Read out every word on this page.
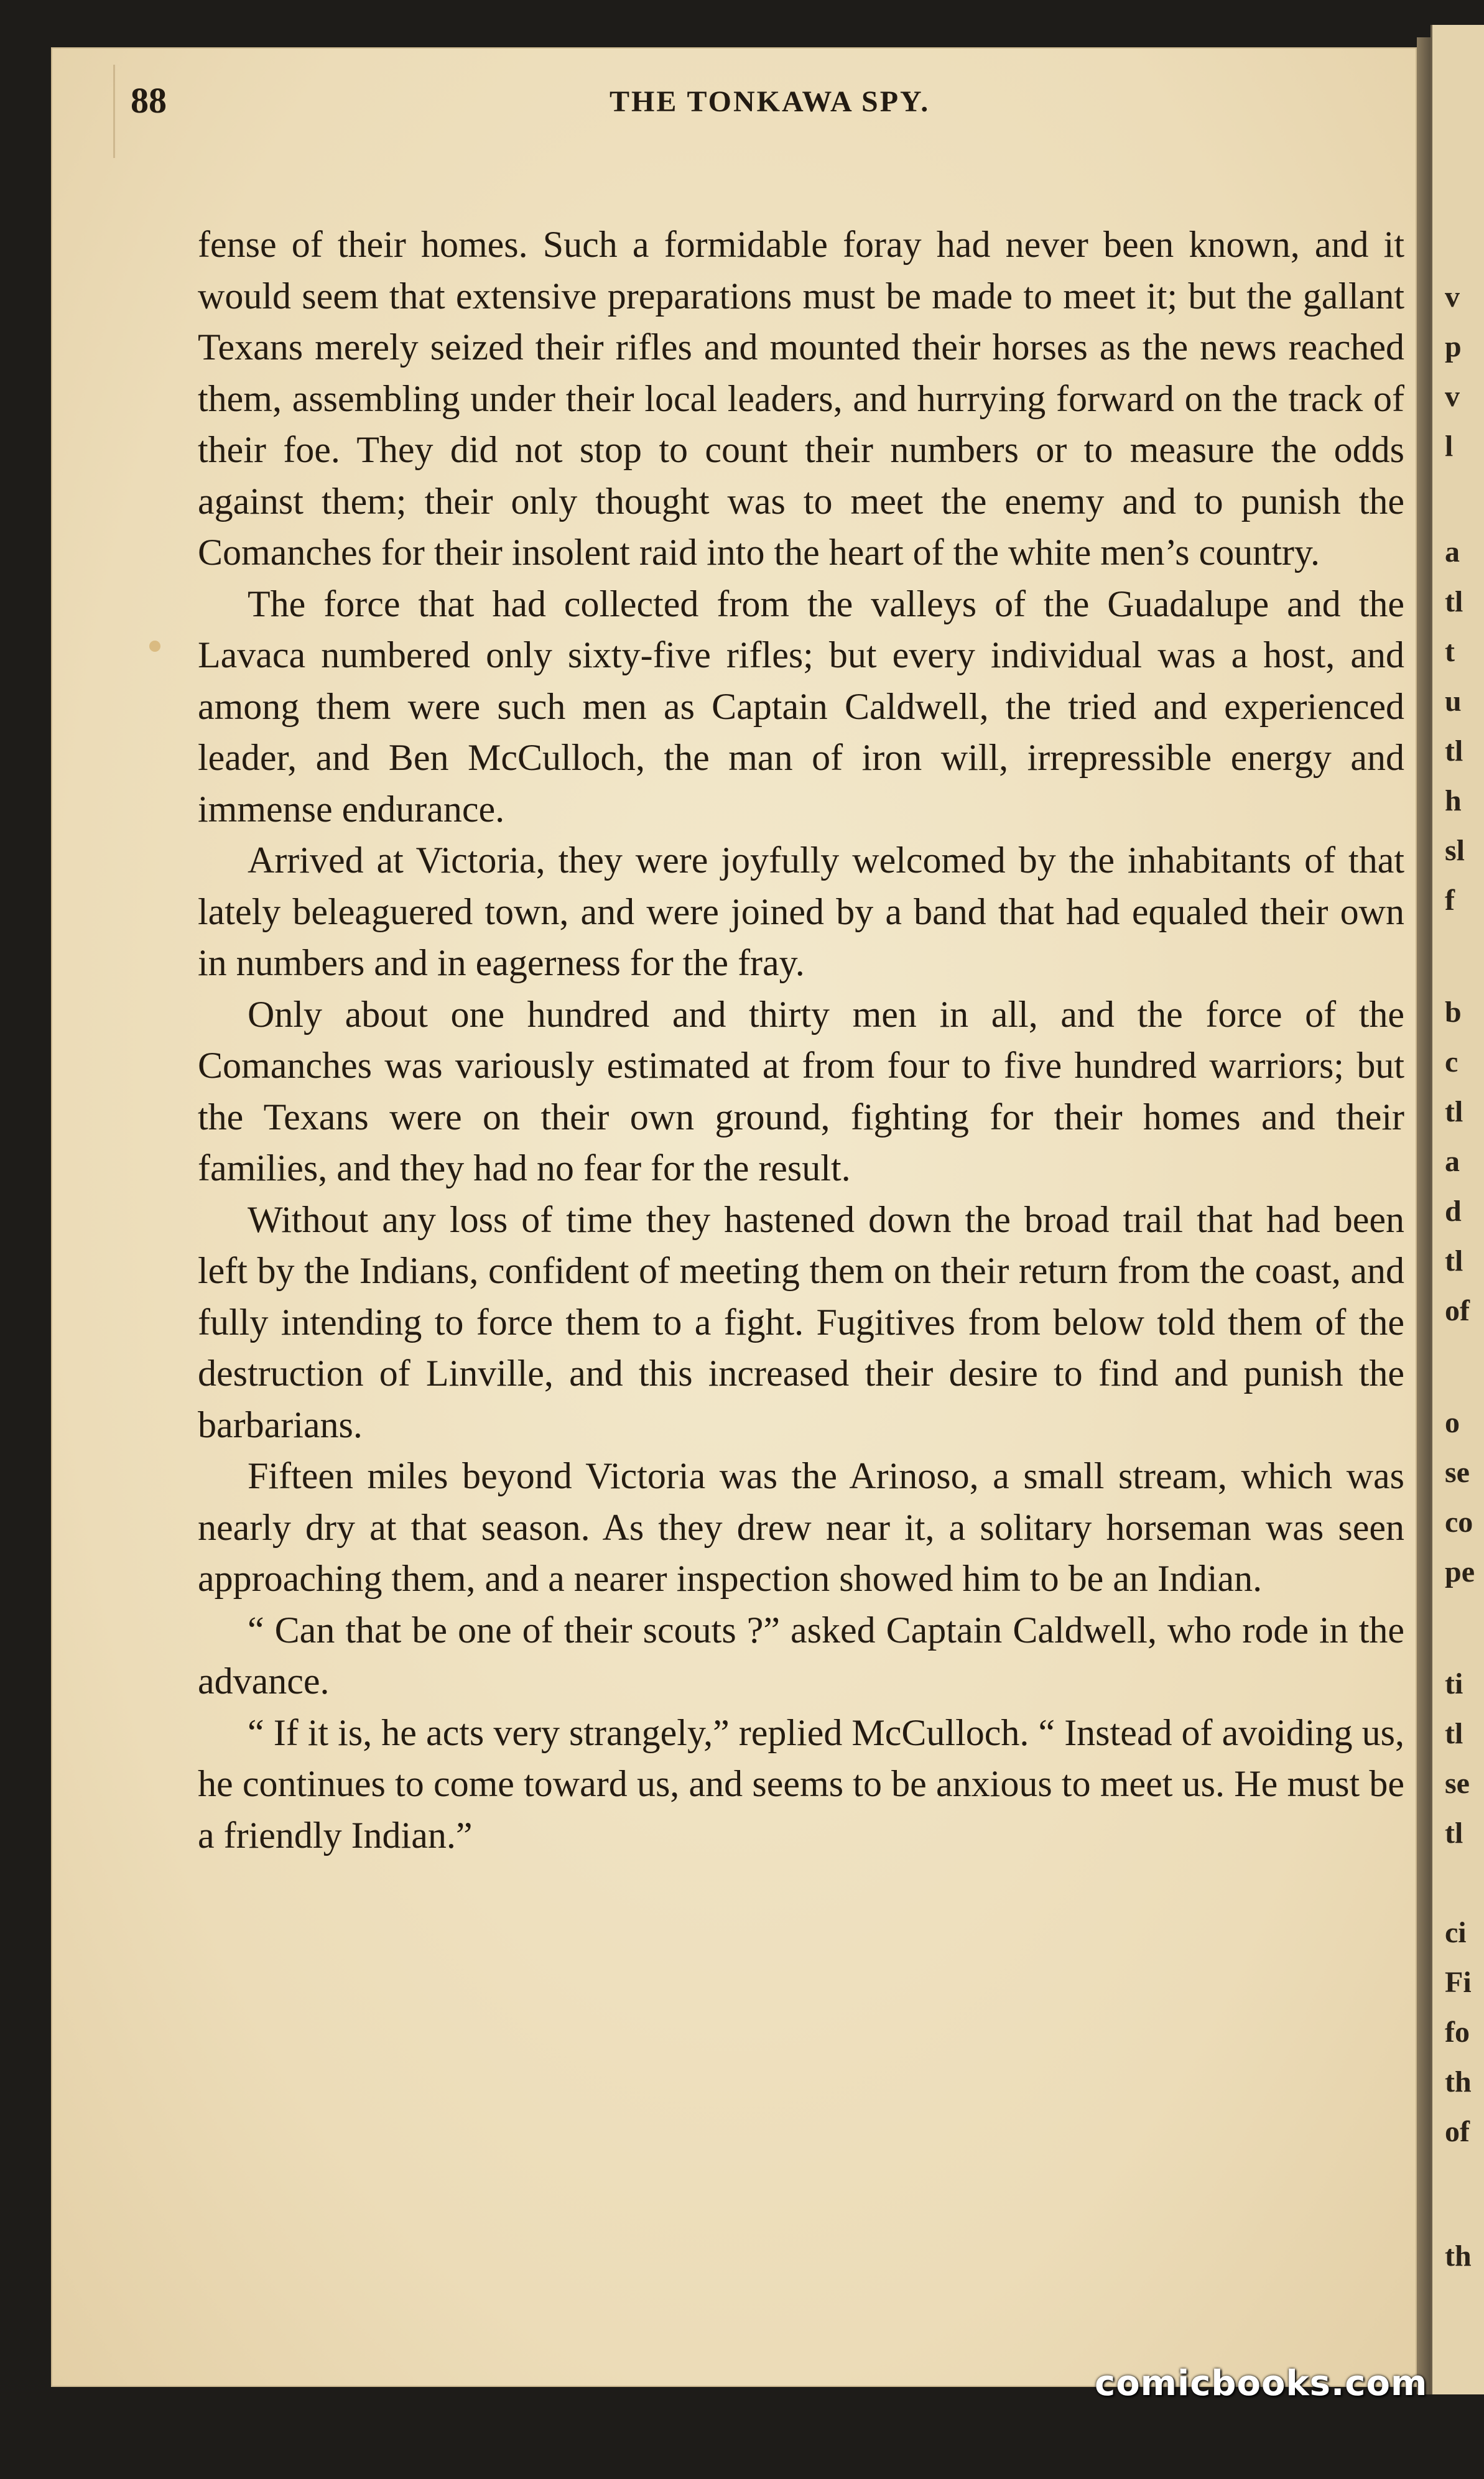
v
p
v
l
a
tl
t
u
tl
h
sl
f
b
c
tl
a
d
tl
of
o
se
co
pe
ti
tl
se
tl
ci
Fi
fo
th
of
th
88	THE TONKAWA SPY.

fense of their homes. Such a formidable foray had never been known, and it would seem that extensive preparations must be made to meet it; but the gallant Texans merely seized their rifles and mounted their horses as the news reached them, assembling under their local leaders, and hurrying forward on the track of their foe. They did not stop to count their numbers or to measure the odds against them; their only thought was to meet the enemy and to punish the Comanches for their insolent raid into the heart of the white men’s country.

The force that had collected from the valleys of the Guadalupe and the Lavaca numbered only sixty-five rifles; but every individual was a host, and among them were such men as Captain Caldwell, the tried and experienced leader, and Ben McCulloch, the man of iron will, irrepressible energy and immense endurance.

Arrived at Victoria, they were joyfully welcomed by the inhabitants of that lately beleaguered town, and were joined by a band that had equaled their own in numbers and in eagerness for the fray.

Only about one hundred and thirty men in all, and the force of the Comanches was variously estimated at from four to five hundred warriors; but the Texans were on their own ground, fighting for their homes and their families, and they had no fear for the result.

Without any loss of time they hastened down the broad trail that had been left by the Indians, confident of meeting them on their return from the coast, and fully intending to force them to a fight. Fugitives from below told them of the destruction of Linville, and this increased their desire to find and punish the barbarians.

Fifteen miles beyond Victoria was the Arinoso, a small stream, which was nearly dry at that season. As they drew near it, a solitary horseman was seen approaching them, and a nearer inspection showed him to be an Indian.

“ Can that be one of their scouts ?” asked Captain Caldwell, who rode in the advance.

“ If it is, he acts very strangely,” replied McCulloch. “ Instead of avoiding us, he continues to come toward us, and seems to be anxious to meet us. He must be a friendly Indian.”

comicbooks.com
